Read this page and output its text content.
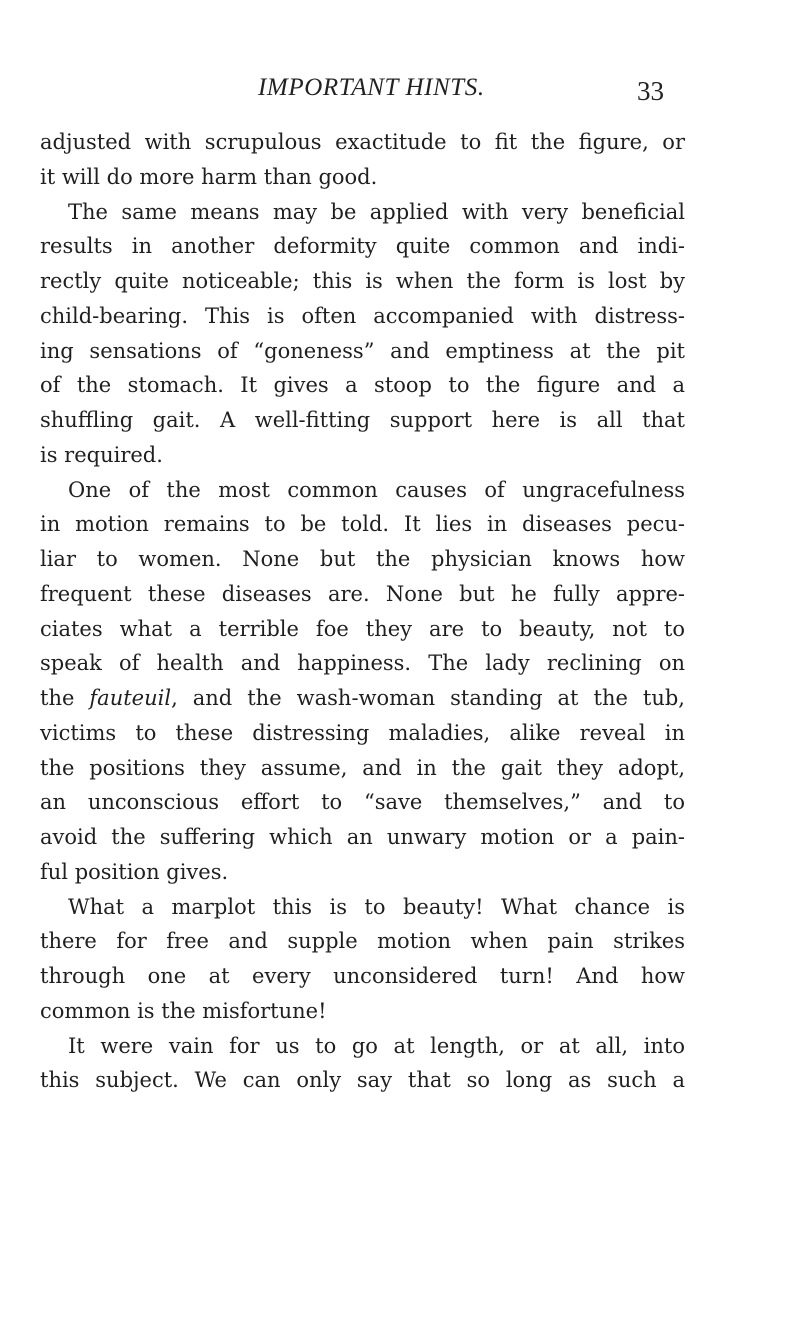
IMPORTANT HINTS.	33
adjusted with scrupulous exactitude to fit the figure, or
it will do more harm than good.
The same means may be applied with very beneficial
results in another deformity quite common and indi-
rectly quite noticeable; this is when the form is lost by
child-bearing. This is often accompanied with distress-
ing sensations of “goneness” and emptiness at the pit
of the stomach. It gives a stoop to the figure and a
shuffling gait. A well-fitting support here is all that
is required.
One of the most common causes of ungracefulness
in motion remains to be told. It lies in diseases pecu-
liar to women. None but the physician knows how
frequent these diseases are. None but he fully appre-
ciates what a terrible foe they are to beauty, not to
speak of health and happiness. The lady reclining on
the fauteuil, and the wash-woman standing at the tub,
victims to these distressing maladies, alike reveal in
the positions they assume, and in the gait they adopt,
an unconscious effort to “save themselves,” and to
avoid the suffering which an unwary motion or a pain-
ful position gives.
What a marplot this is to beauty! What chance is
there for free and supple motion when pain strikes
through one at every unconsidered turn! And how
common is the misfortune!
It were vain for us to go at length, or at all, into
this subject. We can only say that so long as such a
